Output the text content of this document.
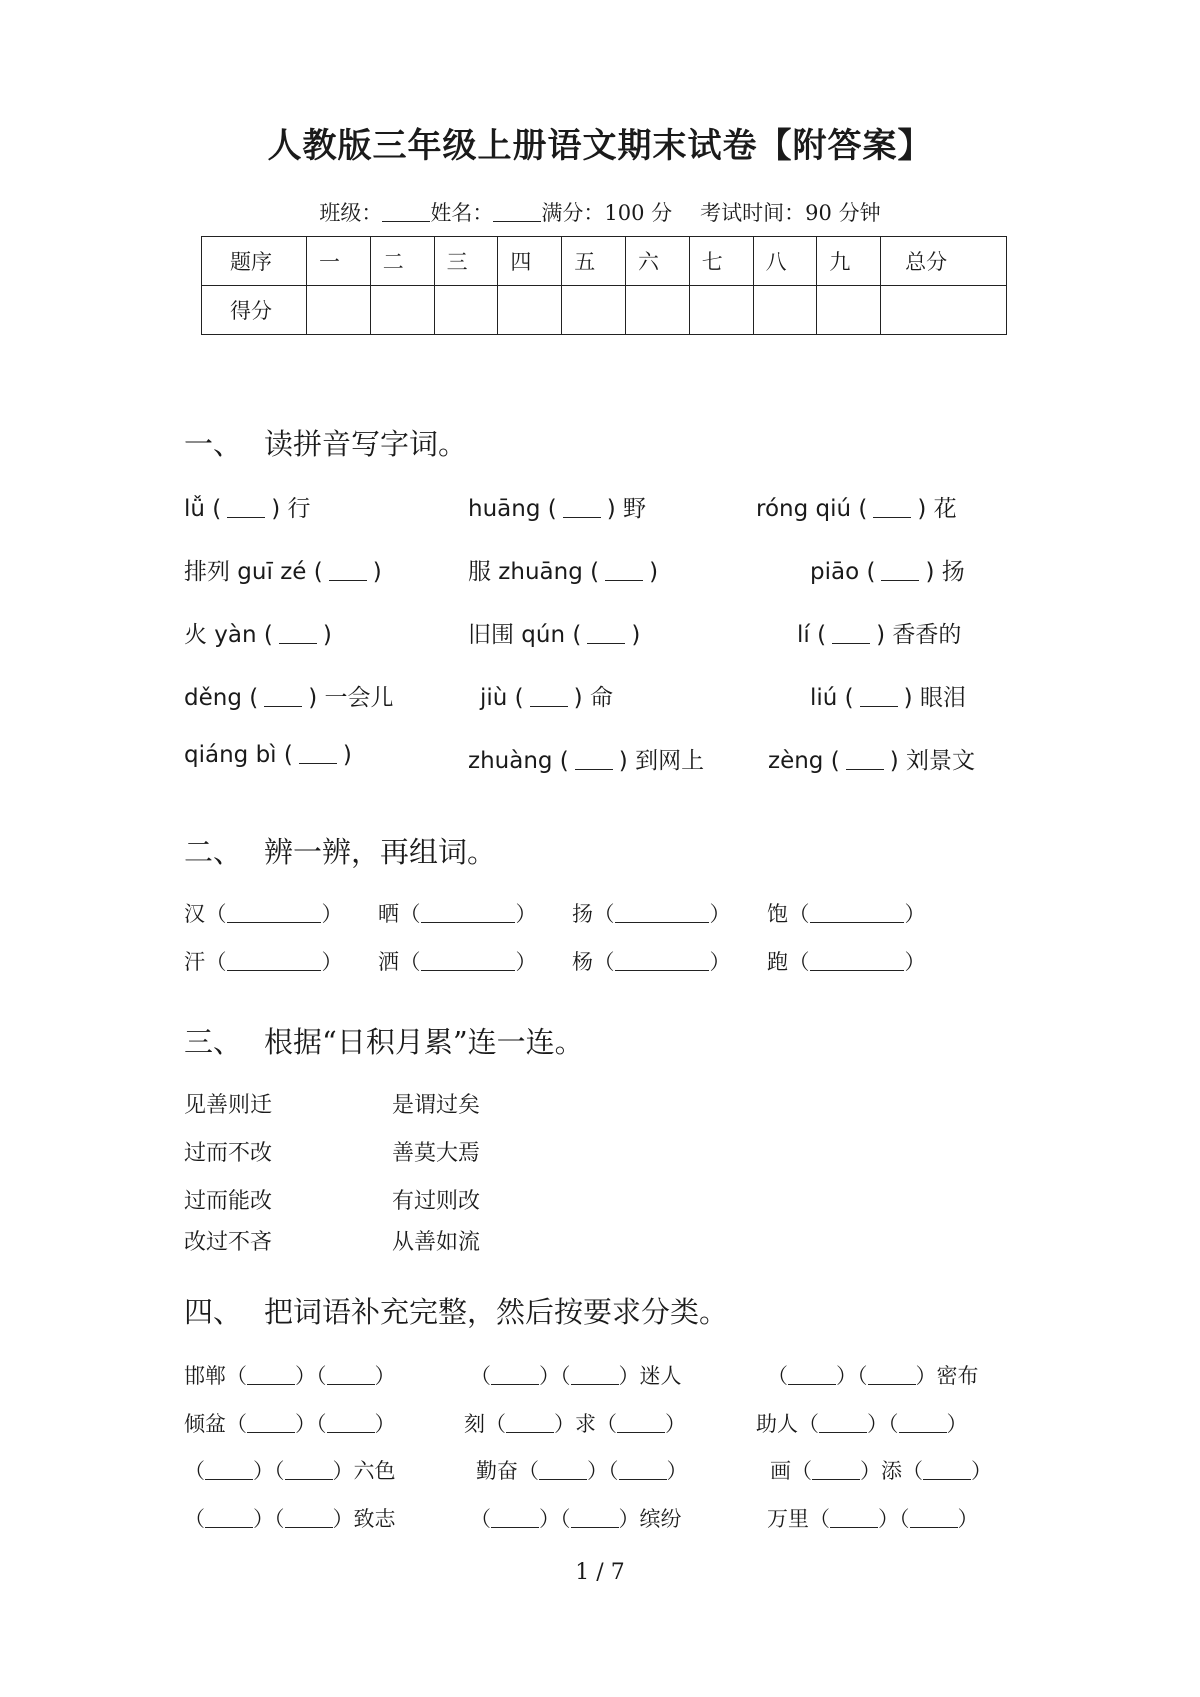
人教版三年级上册语文期末试卷【附答案】
班级： 姓名： 满分：100 分 考试时间：90 分钟
题序	一	二	三	四	五	六	七	八	九	总分
得分										
一、 读拼音写字词。
lǚ ( ) 行	huāng ( ) 野	róng qiú ( ) 花
排列 guī zé ( )	服 zhuāng ( )	piāo ( ) 扬
火 yàn ( )	旧围 qún ( )	lí ( ) 香香的
děng ( ) 一会儿	jiù ( ) 命	liú ( ) 眼泪
qiáng bì ( )	zhuàng ( ) 到网上	zèng ( ) 刘景文
二、 辨一辨，再组词。
汉（	） 晒（	） 扬（	） 饱（	）
汗（	） 洒（	） 杨（	） 跑（	）
三、 根据“日积月累”连一连。
见善则迁	是谓过矣
过而不改	善莫大焉
过而能改	有过则改
改过不吝	从善如流
四、 把词语补充完整，然后按要求分类。
邯郸（ ）（ ）	（ ）（ ）迷人	（ ）（ ）密布
倾盆（ ）（ ）	刻（ ）求（ ）	助人（ ）（ ）
（ ）（ ）六色	勤奋（ ）（ ）	画（ ）添（ ）
（ ）（ ）致志	（ ）（ ）缤纷	万里（ ）（ ）
1 / 7
